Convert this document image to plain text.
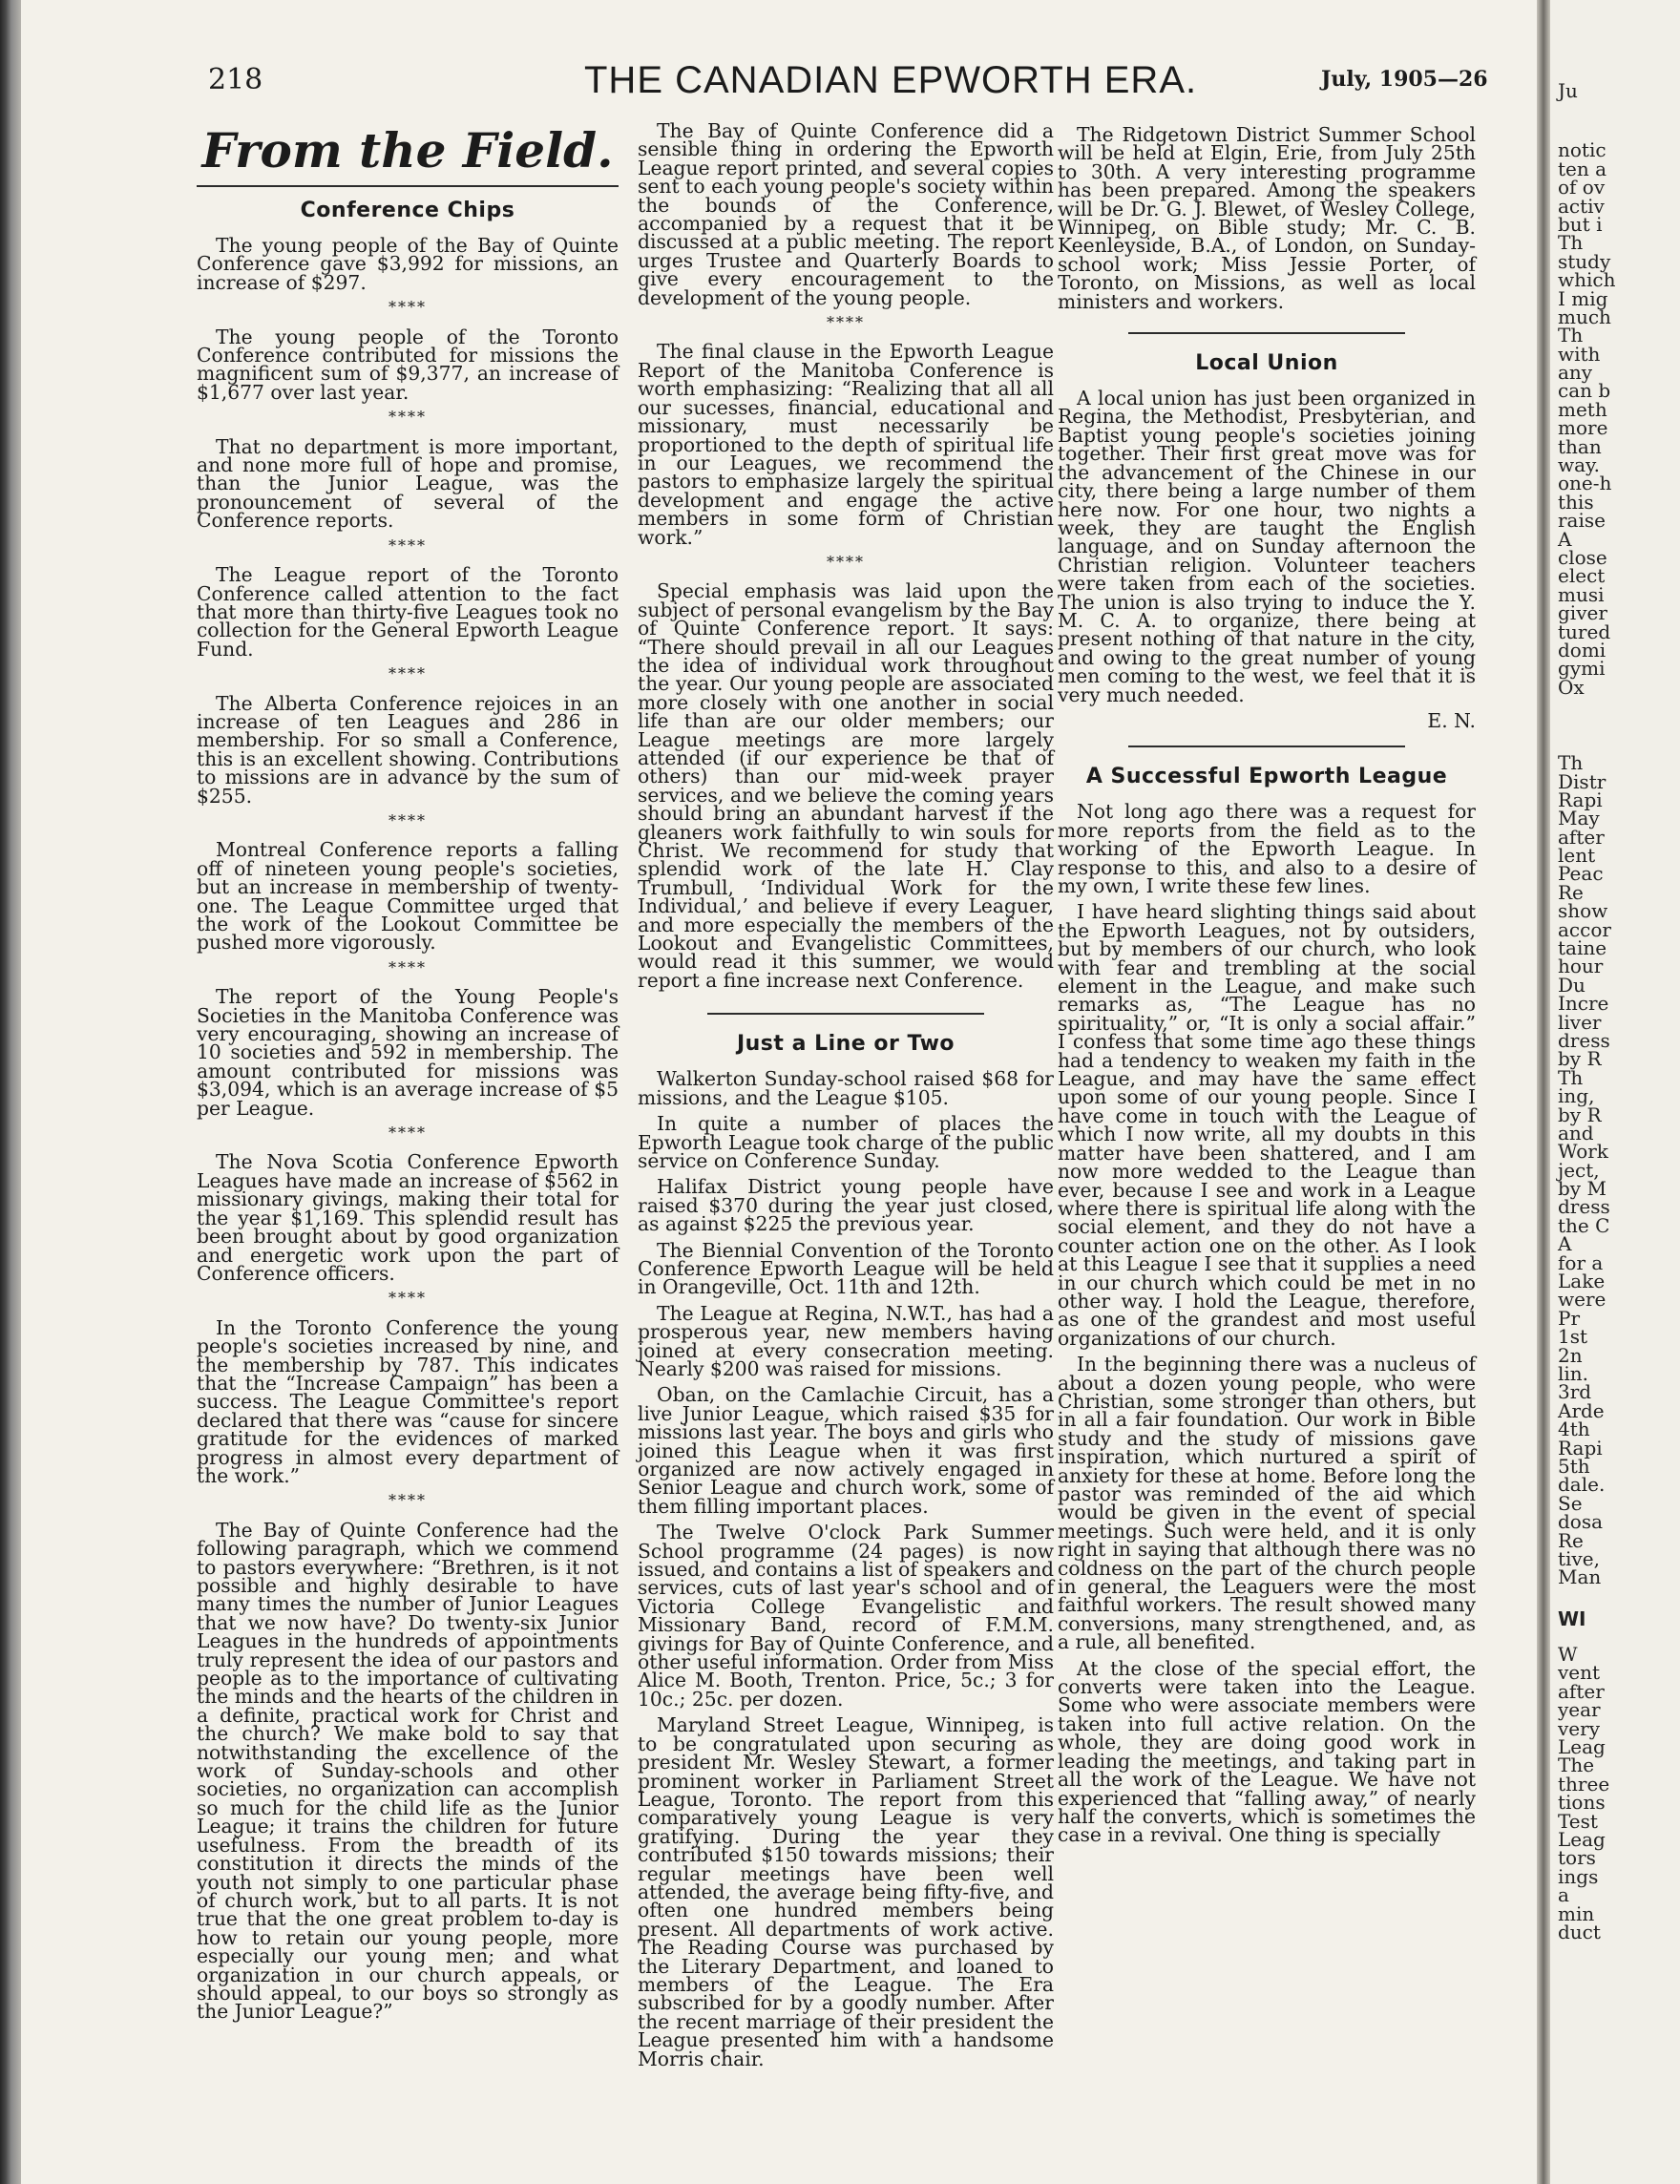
218	THE CANADIAN EPWORTH ERA.	July, 1905—26
From the Field.
Conference Chips

The young people of the Bay of Quinte Conference gave $3,992 for missions, an increase of $297.

****

The young people of the Toronto Conference contributed for missions the magnificent sum of $9,377, an increase of $1,677 over last year.

****

That no department is more important, and none more full of hope and promise, than the Junior League, was the pronouncement of several of the Conference reports.

****

The League report of the Toronto Conference called attention to the fact that more than thirty-five Leagues took no collection for the General Epworth League Fund.

****

The Alberta Conference rejoices in an increase of ten Leagues and 286 in membership. For so small a Conference, this is an excellent showing. Contributions to missions are in advance by the sum of $255.

****

Montreal Conference reports a falling off of nineteen young people's societies, but an increase in membership of twenty-one. The League Committee urged that the work of the Lookout Committee be pushed more vigorously.

****

The report of the Young People's Societies in the Manitoba Conference was very encouraging, showing an increase of 10 societies and 592 in membership. The amount contributed for missions was $3,094, which is an average increase of $5 per League.

****

The Nova Scotia Conference Epworth Leagues have made an increase of $562 in missionary givings, making their total for the year $1,169. This splendid result has been brought about by good organization and energetic work upon the part of Conference officers.

****

In the Toronto Conference the young people's societies increased by nine, and the membership by 787. This indicates that the “Increase Campaign” has been a success. The League Committee's report declared that there was “cause for sincere gratitude for the evidences of marked progress in almost every department of the work.”

****

The Bay of Quinte Conference had the following paragraph, which we commend to pastors everywhere: “Brethren, is it not possible and highly desirable to have many times the number of Junior Leagues that we now have? Do twenty-six Junior Leagues in the hundreds of appointments truly represent the idea of our pastors and people as to the importance of cultivating the minds and the hearts of the children in a definite, practical work for Christ and the church? We make bold to say that notwithstanding the excellence of the work of Sunday-schools and other societies, no organization can accomplish so much for the child life as the Junior League; it trains the children for future usefulness. From the breadth of its constitution it directs the minds of the youth not simply to one particular phase of church work, but to all parts. It is not true that the one great problem to-day is how to retain our young people, more especially our young men; and what organization in our church appeals, or should appeal, to our boys so strongly as the Junior League?”

The Bay of Quinte Conference did a sensible thing in ordering the Epworth League report printed, and several copies sent to each young people's society within the bounds of the Conference, accompanied by a request that it be discussed at a public meeting. The report urges Trustee and Quarterly Boards to give every encouragement to the development of the young people.

****

The final clause in the Epworth League Report of the Manitoba Conference is worth emphasizing: “Realizing that all all our sucesses, financial, educational and missionary, must necessarily be proportioned to the depth of spiritual life in our Leagues, we recommend the pastors to emphasize largely the spiritual development and engage the active members in some form of Christian work.”

****

Special emphasis was laid upon the subject of personal evangelism by the Bay of Quinte Conference report. It says: “There should prevail in all our Leagues the idea of individual work throughout the year. Our young people are associated more closely with one another in social life than are our older members; our League meetings are more largely attended (if our experience be that of others) than our mid-week prayer services, and we believe the coming years should bring an abundant harvest if the gleaners work faithfully to win souls for Christ. We recommend for study that splendid work of the late H. Clay Trumbull, ‘Individual Work for the Individual,’ and believe if every Leaguer, and more especially the members of the Lookout and Evangelistic Committees, would read it this summer, we would report a fine increase next Conference.

Just a Line or Two

Walkerton Sunday-school raised $68 for missions, and the League $105.

In quite a number of places the Epworth League took charge of the public service on Conference Sunday.

Halifax District young people have raised $370 during the year just closed, as against $225 the previous year.

The Biennial Convention of the Toronto Conference Epworth League will be held in Orangeville, Oct. 11th and 12th.

The League at Regina, N.W.T., has had a prosperous year, new members having joined at every consecration meeting. Nearly $200 was raised for missions.

Oban, on the Camlachie Circuit, has a live Junior League, which raised $35 for missions last year. The boys and girls who joined this League when it was first organized are now actively engaged in Senior League and church work, some of them filling important places.

The Twelve O'clock Park Summer School programme (24 pages) is now issued, and contains a list of speakers and services, cuts of last year's school and of Victoria College Evangelistic and Missionary Band, record of F.M.M. givings for Bay of Quinte Conference, and other useful information. Order from Miss Alice M. Booth, Trenton. Price, 5c.; 3 for 10c.; 25c. per dozen.

Maryland Street League, Winnipeg, is to be congratulated upon securing as president Mr. Wesley Stewart, a former prominent worker in Parliament Street League, Toronto. The report from this comparatively young League is very gratifying. During the year they contributed $150 towards missions; their regular meetings have been well attended, the average being fifty-five, and often one hundred members being present. All departments of work active. The Reading Course was purchased by the Literary Department, and loaned to members of the League. The Era subscribed for by a goodly number. After the recent marriage of their president the League presented him with a handsome Morris chair.

The Ridgetown District Summer School will be held at Elgin, Erie, from July 25th to 30th. A very interesting programme has been prepared. Among the speakers will be Dr. G. J. Blewet, of Wesley College, Winnipeg, on Bible study; Mr. C. B. Keenleyside, B.A., of London, on Sunday-school work; Miss Jessie Porter, of Toronto, on Missions, as well as local ministers and workers.

Local Union

A local union has just been organized in Regina, the Methodist, Presbyterian, and Baptist young people's societies joining together. Their first great move was for the advancement of the Chinese in our city, there being a large number of them here now. For one hour, two nights a week, they are taught the English language, and on Sunday afternoon the Christian religion. Volunteer teachers were taken from each of the societies. The union is also trying to induce the Y. M. C. A. to organize, there being at present nothing of that nature in the city, and owing to the great number of young men coming to the west, we feel that it is very much needed.

E. N.
A Successful Epworth League

Not long ago there was a request for more reports from the field as to the working of the Epworth League. In response to this, and also to a desire of my own, I write these few lines.

I have heard slighting things said about the Epworth Leagues, not by outsiders, but by members of our church, who look with fear and trembling at the social element in the League, and make such remarks as, “The League has no spirituality,” or, “It is only a social affair.” I confess that some time ago these things had a tendency to weaken my faith in the League, and may have the same effect upon some of our young people. Since I have come in touch with the League of which I now write, all my doubts in this matter have been shattered, and I am now more wedded to the League than ever, because I see and work in a League where there is spiritual life along with the social element, and they do not have a counter action one on the other. As I look at this League I see that it supplies a need in our church which could be met in no other way. I hold the League, therefore, as one of the grandest and most useful organizations of our church.

In the beginning there was a nucleus of about a dozen young people, who were Christian, some stronger than others, but in all a fair foundation. Our work in Bible study and the study of missions gave inspiration, which nurtured a spirit of anxiety for these at home. Before long the pastor was reminded of the aid which would be given in the event of special meetings. Such were held, and it is only right in saying that although there was no coldness on the part of the church people in general, the Leaguers were the most faithful workers. The result showed many conversions, many strengthened, and, as a rule, all benefited.

At the close of the special effort, the converts were taken into the League. Some who were associate members were taken into full active relation. On the whole, they are doing good work in leading the meetings, and taking part in all the work of the League. We have not experienced that “falling away,” of nearly half the converts, which is sometimes the case in a revival. One thing is specially

Ju
notic
ten a
of ov
activ
but i
Th
study
which
I mig
much
Th
with
any
can b
meth
more
than
way.
one-h
this
raise
A
close
elect
musi
giver
tured
domi
gymi
Ox
Th
Distr
Rapi
May
after
lent
Peac
Re
show
accor
taine
hour
Du
Incre
liver
dress
by R
Th
ing,
by R
and
Work
ject,
by M
dress
the C
A
for a
Lake
were
Pr
1st
2n
lin.
3rd
Arde
4th
Rapi
5th
dale.
Se
dosa
Re
tive,
Man
WI
W
vent
after
year
very
Leag
The
three
tions
Test
Leag
tors
ings
a
min
duct
